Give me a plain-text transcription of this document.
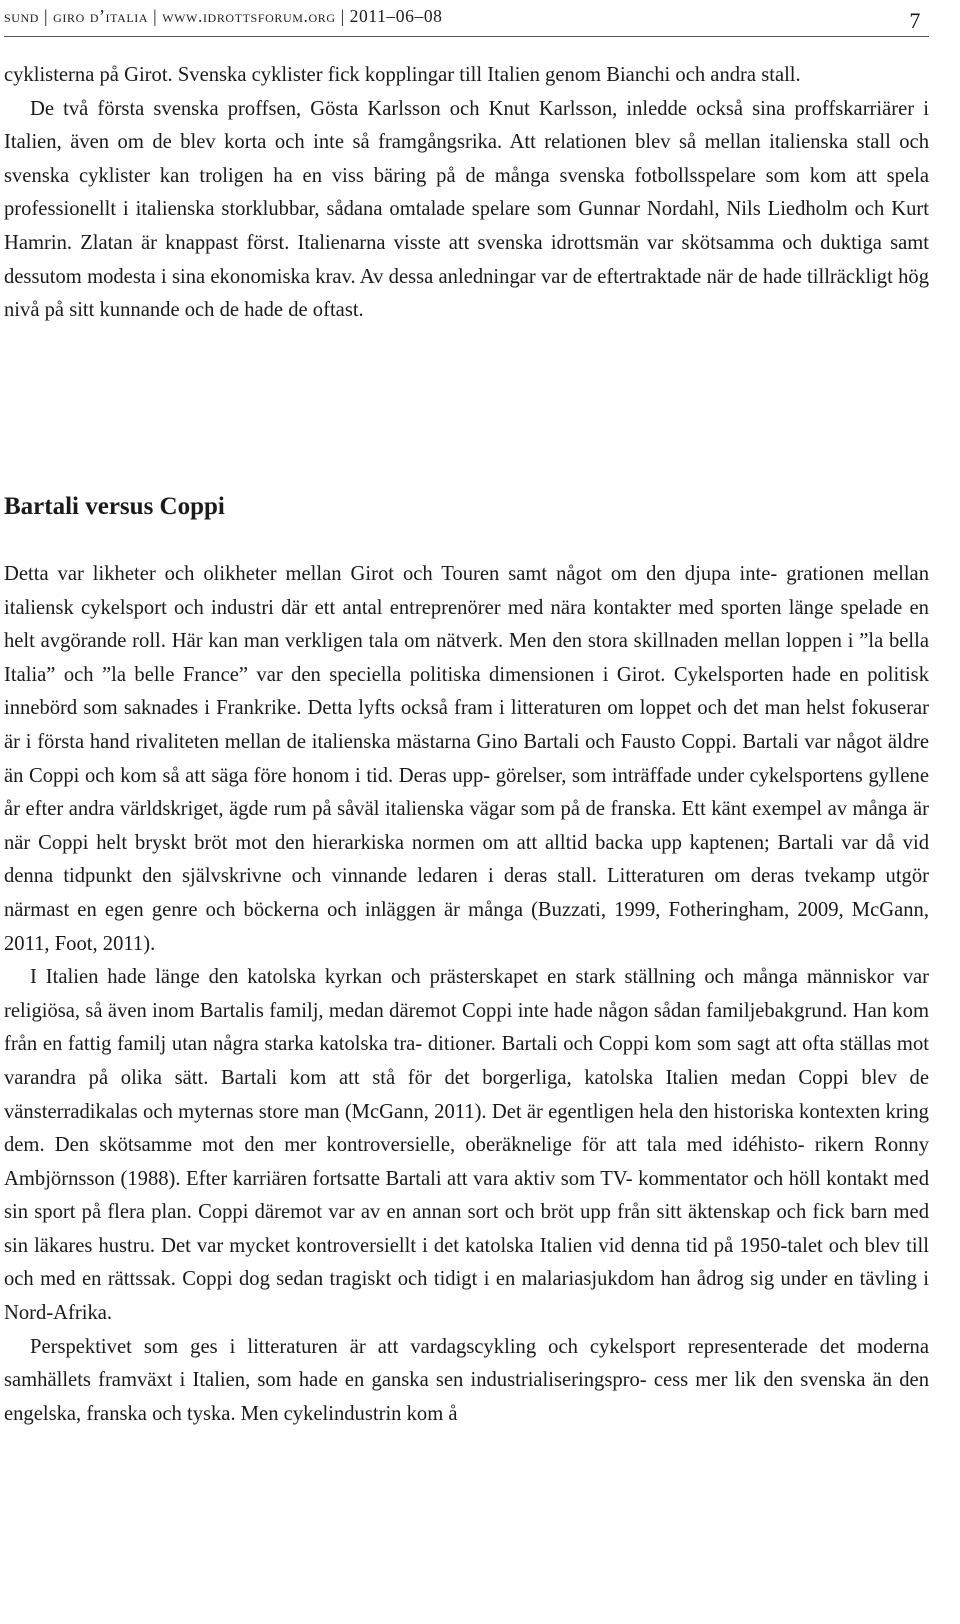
sund | giro d’italia | www.idrottsforum.org | 2011–06–08	7

cyklisterna på Girot. Svenska cyklister fick kopplingar till Italien genom Bianchi och andra stall.

De två första svenska proffsen, Gösta Karlsson och Knut Karlsson, inledde också sina proffskarriärer i Italien, även om de blev korta och inte så framgångsrika. Att relationen blev så mellan italienska stall och svenska cyklister kan troligen ha en viss bäring på de många svenska fotbollsspelare som kom att spela professionellt i italienska storklubbar, sådana omtalade spelare som Gunnar Nordahl, Nils Liedholm och Kurt Hamrin. Zlatan är knappast först. Italienarna visste att svenska idrottsmän var skötsamma och duktiga samt dessutom modesta i sina ekonomiska krav. Av dessa anledningar var de eftertraktade när de hade tillräckligt hög nivå på sitt kunnande och de hade de oftast.

Bartali versus Coppi

Detta var likheter och olikheter mellan Girot och Touren samt något om den djupa inte- grationen mellan italiensk cykelsport och industri där ett antal entreprenörer med nära kontakter med sporten länge spelade en helt avgörande roll. Här kan man verkligen tala om nätverk. Men den stora skillnaden mellan loppen i ”la bella Italia” och ”la belle France” var den speciella politiska dimensionen i Girot. Cykelsporten hade en politisk innebörd som saknades i Frankrike. Detta lyfts också fram i litteraturen om loppet och det man helst fokuserar är i första hand rivaliteten mellan de italienska mästarna Gino Bartali och Fausto Coppi. Bartali var något äldre än Coppi och kom så att säga före honom i tid. Deras upp- görelser, som inträffade under cykelsportens gyllene år efter andra världskriget, ägde rum på såväl italienska vägar som på de franska. Ett känt exempel av många är när Coppi helt bryskt bröt mot den hierarkiska normen om att alltid backa upp kaptenen; Bartali var då vid denna tidpunkt den självskrivne och vinnande ledaren i deras stall. Litteraturen om deras tvekamp utgör närmast en egen genre och böckerna och inläggen är många (Buzzati, 1999, Fotheringham, 2009, McGann, 2011, Foot, 2011).

I Italien hade länge den katolska kyrkan och prästerskapet en stark ställning och många människor var religiösa, så även inom Bartalis familj, medan däremot Coppi inte hade någon sådan familjebakgrund. Han kom från en fattig familj utan några starka katolska tra- ditioner. Bartali och Coppi kom som sagt att ofta ställas mot varandra på olika sätt. Bartali kom att stå för det borgerliga, katolska Italien medan Coppi blev de vänsterradikalas och myternas store man (McGann, 2011). Det är egentligen hela den historiska kontexten kring dem. Den skötsamme mot den mer kontroversielle, oberäknelige för att tala med idéhisto- rikern Ronny Ambjörnsson (1988). Efter karriären fortsatte Bartali att vara aktiv som TV- kommentator och höll kontakt med sin sport på flera plan. Coppi däremot var av en annan sort och bröt upp från sitt äktenskap och fick barn med sin läkares hustru. Det var mycket kontroversiellt i det katolska Italien vid denna tid på 1950-talet och blev till och med en rättssak. Coppi dog sedan tragiskt och tidigt i en malariasjukdom han ådrog sig under en tävling i Nord-Afrika.

Perspektivet som ges i litteraturen är att vardagscykling och cykelsport representerade det moderna samhällets framväxt i Italien, som hade en ganska sen industrialiseringspro- cess mer lik den svenska än den engelska, franska och tyska. Men cykelindustrin kom å
